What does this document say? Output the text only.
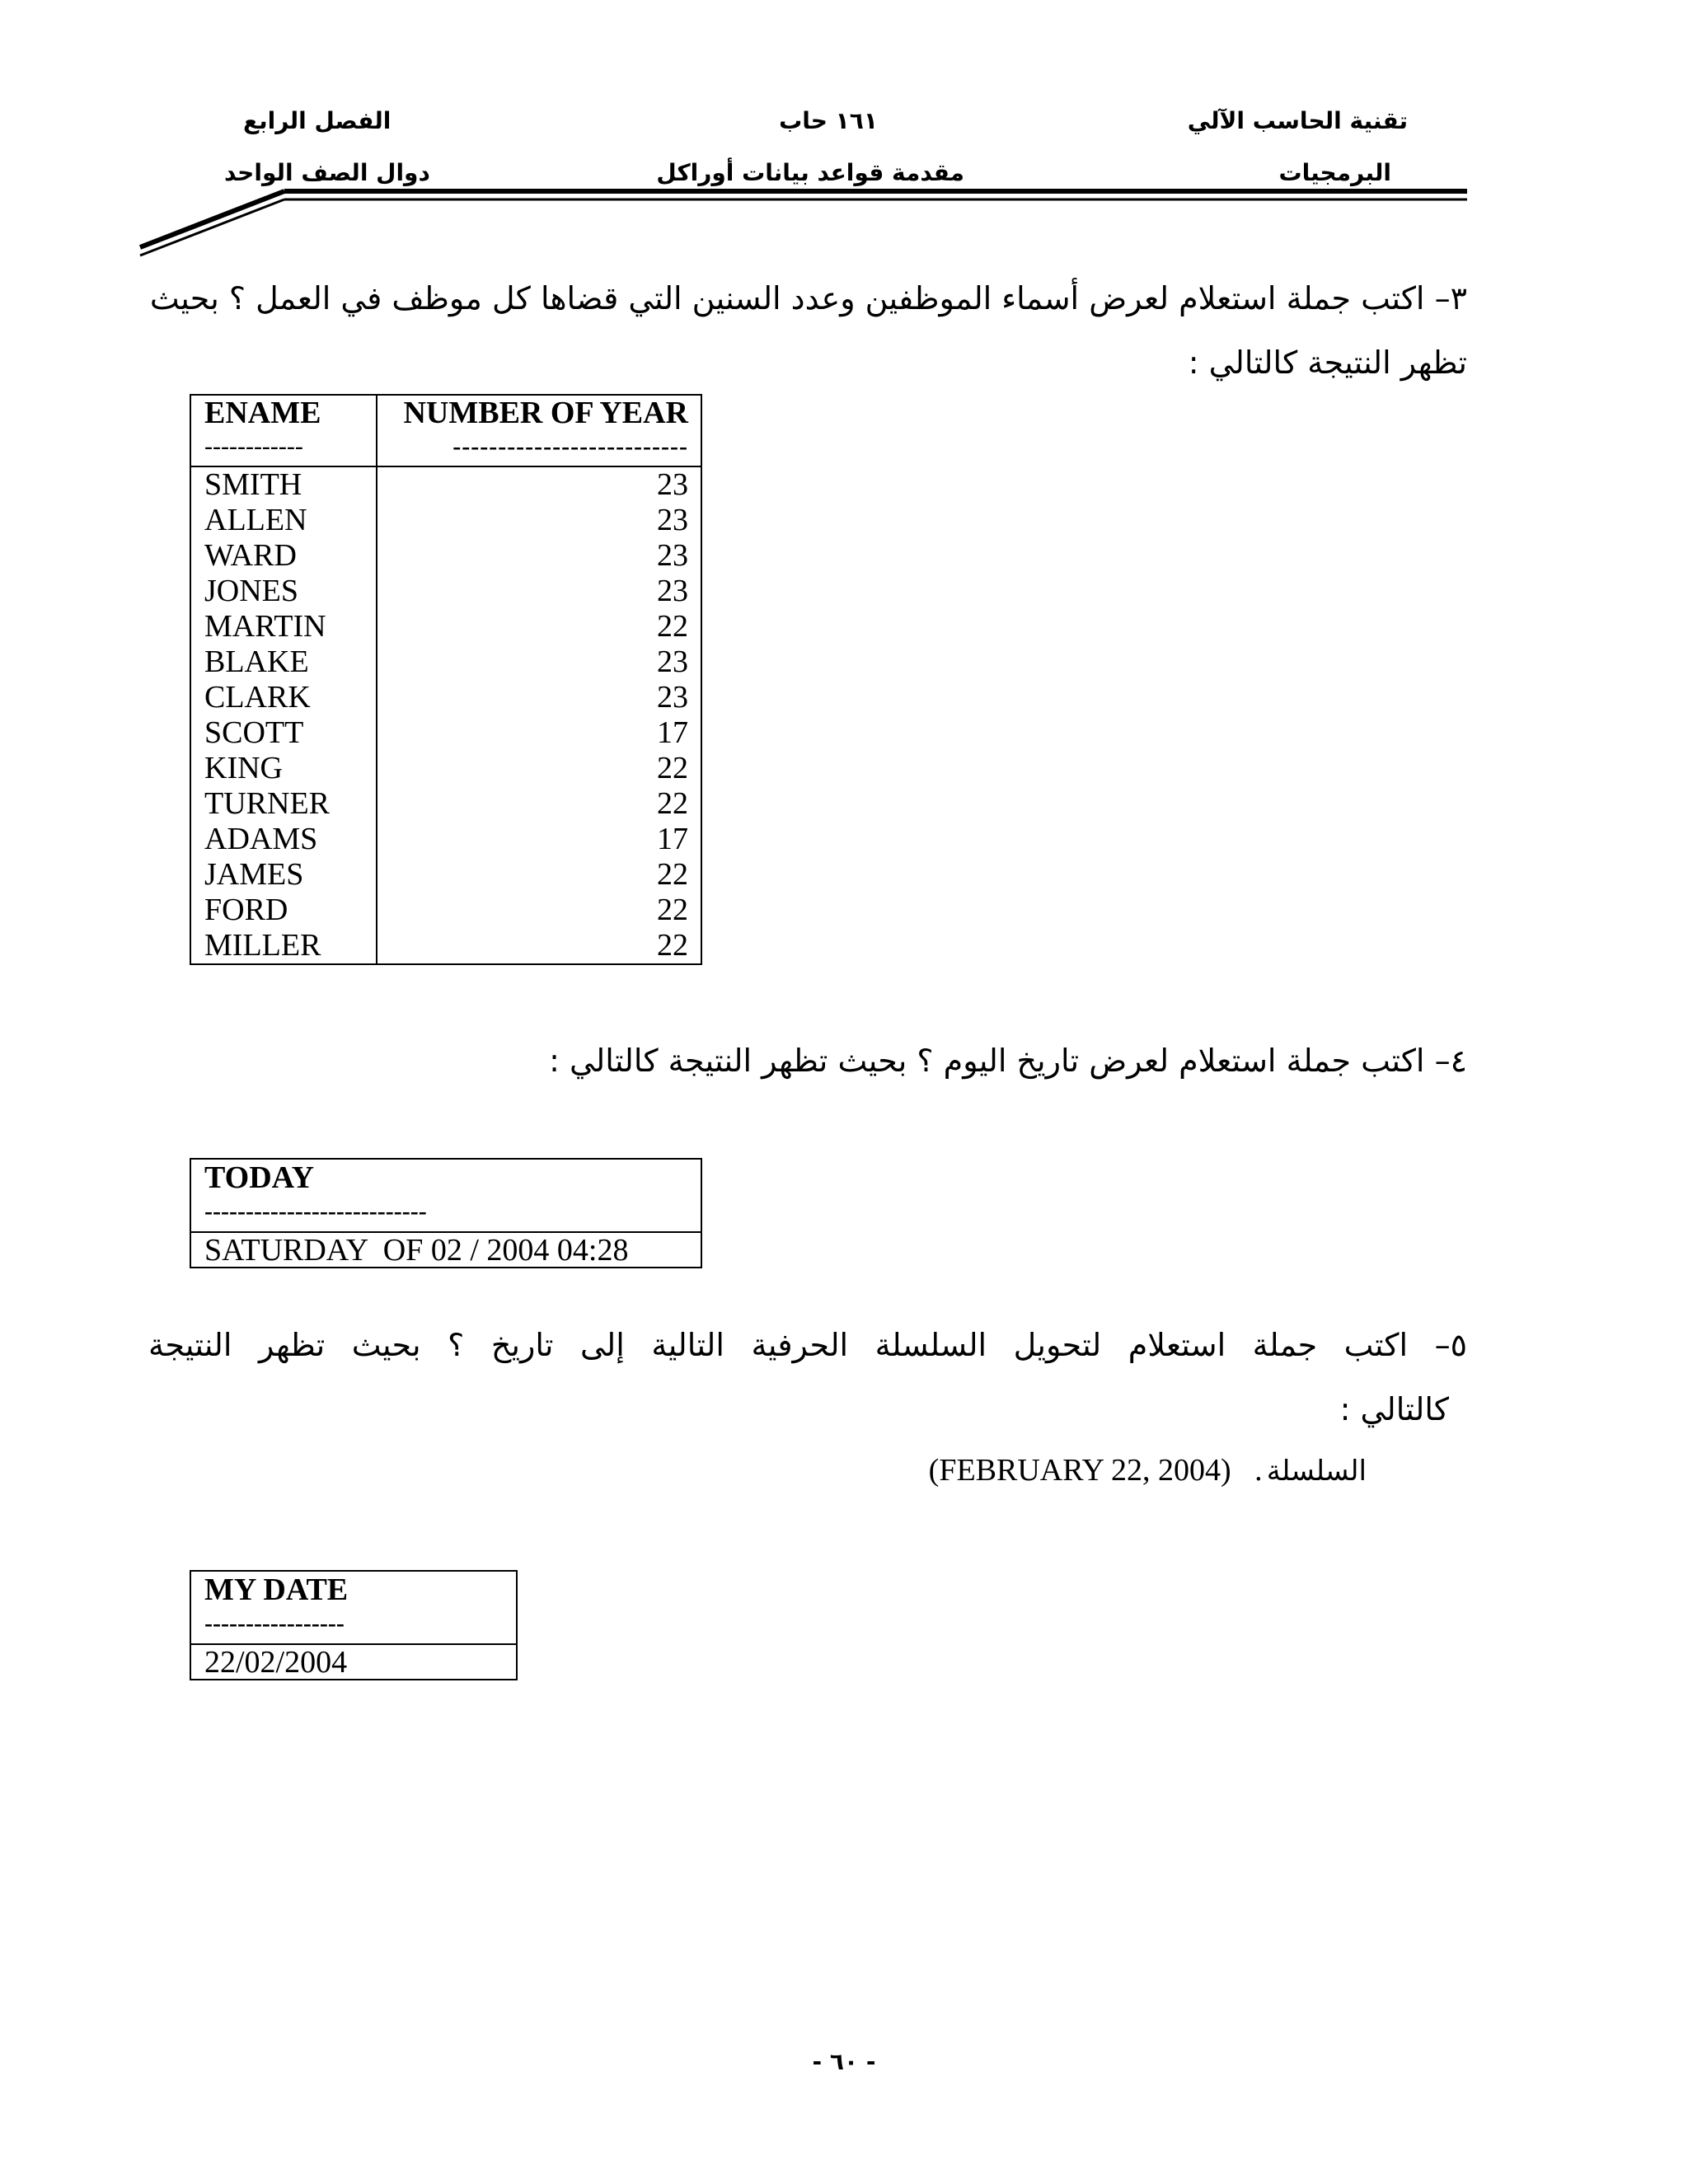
تقنية الحاسب الآلي
١٦١ حاب
الفصل الرابع
البرمجيات
مقدمة قواعد بيانات أوراكل
دوال الصف الواحد
٣– اكتب جملة استعلام لعرض أسماء الموظفين وعدد السنين التي قضاها كل موظف في العمل ؟ بحيث
تظهر النتيجة كالتالي :
ENAME	NUMBER OF YEAR
------------	--------------------------
SMITH	23
ALLEN	23
WARD	23
JONES	23
MARTIN	22
BLAKE	23
CLARK	23
SCOTT	17
KING	22
TURNER	22
ADAMS	17
JAMES	22
FORD	22
MILLER	22
٤– اكتب جملة استعلام لعرض تاريخ اليوم ؟ بحيث تظهر النتيجة كالتالي :
TODAY
---------------------------
SATURDAY  OF 02 / 2004 04:28
٥– اكتب جملة استعلام لتحويل السلسلة الحرفية التالية إلى تاريخ ؟ بحيث تظهر النتيجة
كالتالي :
السلسلة (FEBRUARY 22, 2004)   .
MY DATE
-----------------
22/02/2004
- ٦٠ -
